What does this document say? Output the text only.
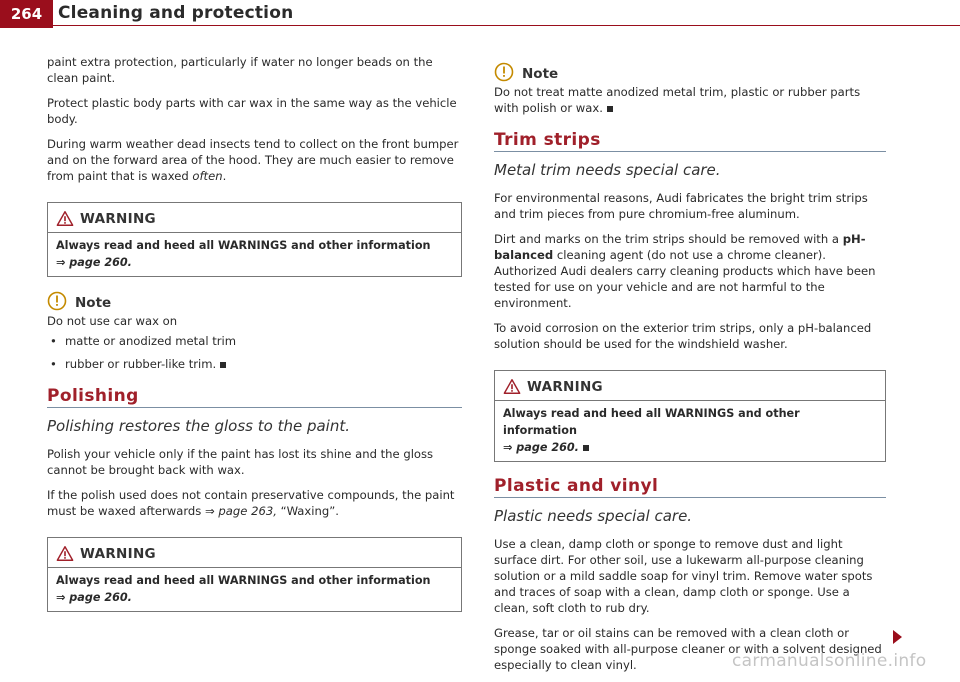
264 Cleaning and protection

paint extra protection, particularly if water no longer beads on the clean paint.

Protect plastic body parts with car wax in the same way as the vehicle body.

During warm weather dead insects tend to collect on the front bumper and on the forward area of the hood. They are much easier to remove from paint that is waxed often.

WARNING
Always read and heed all WARNINGS and other information
⇒ page 260.
Note
Do not use car wax on
• matte or anodized metal trim
• rubber or rubber-like trim.
Polishing
Polishing restores the gloss to the paint.

Polish your vehicle only if the paint has lost its shine and the gloss cannot be brought back with wax.

If the polish used does not contain preservative compounds, the paint must be waxed afterwards ⇒ page 263, “Waxing”.

WARNING
Always read and heed all WARNINGS and other information
⇒ page 260.
Note

Do not treat matte anodized metal trim, plastic or rubber parts with polish or wax.

Trim strips
Metal trim needs special care.

For environmental reasons, Audi fabricates the bright trim strips and trim pieces from pure chromium-free aluminum.

Dirt and marks on the trim strips should be removed with a pH-balanced cleaning agent (do not use a chrome cleaner). Authorized Audi dealers carry cleaning products which have been tested for use on your vehicle and are not harmful to the environment.

To avoid corrosion on the exterior trim strips, only a pH-balanced solution should be used for the windshield washer.

WARNING
Always read and heed all WARNINGS and other information
⇒ page 260.
Plastic and vinyl
Plastic needs special care.

Use a clean, damp cloth or sponge to remove dust and light surface dirt. For other soil, use a lukewarm all-purpose cleaning solution or a mild saddle soap for vinyl trim. Remove water spots and traces of soap with a clean, damp cloth or sponge. Use a clean, soft cloth to rub dry.

Grease, tar or oil stains can be removed with a clean cloth or sponge soaked with all-purpose cleaner or with a solvent designed especially to clean vinyl.	carmanualsonline.info
